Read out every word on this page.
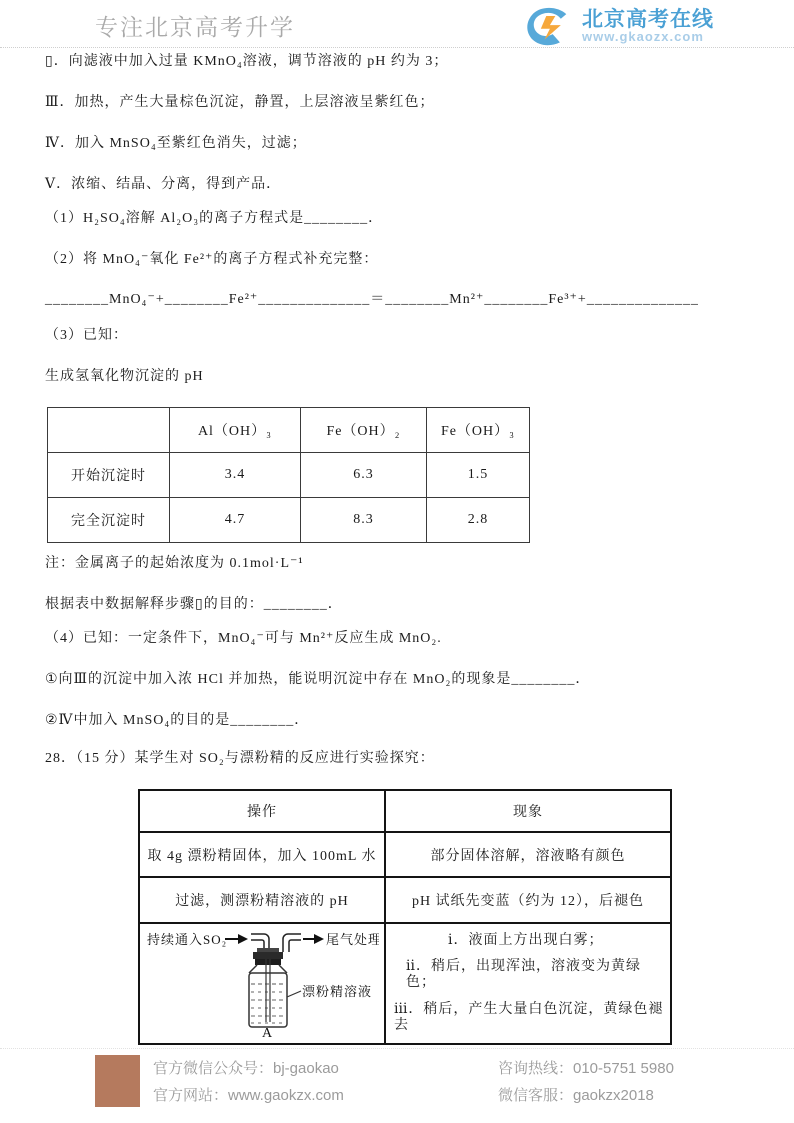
专注北京高考升学	北京高考在线
www.gkaozx.com
▯．向滤液中加入过量 KMnO₄溶液，调节溶液的 pH 约为 3；
Ⅲ．加热，产生大量棕色沉淀，静置，上层溶液呈紫红色；
Ⅳ．加入 MnSO₄至紫红色消失，过滤；
Ⅴ．浓缩、结晶、分离，得到产品．
（1）H₂SO₄溶解 Al₂O₃的离子方程式是________．
（2）将 MnO₄⁻氧化 Fe²⁺的离子方程式补充完整：
________MnO₄⁻+________Fe²⁺______________＝________Mn²⁺________Fe³⁺+______________
（3）已知：
生成氢氧化物沉淀的 pH
	Al（OH）₃	Fe（OH）₂	Fe（OH）₃
开始沉淀时	3.4	6.3	1.5
完全沉淀时	4.7	8.3	2.8
注：金属离子的起始浓度为 0.1mol·L⁻¹
根据表中数据解释步骤▯的目的：________．
（4）已知：一定条件下，MnO₄⁻可与 Mn²⁺反应生成 MnO₂.
①向Ⅲ的沉淀中加入浓 HCl 并加热，能说明沉淀中存在 MnO₂的现象是________．
②Ⅳ中加入 MnSO₄的目的是________．
28．（15 分）某学生对 SO₂与漂粉精的反应进行实验探究：
操作	现象
取 4g 漂粉精固体，加入 100mL 水	部分固体溶解，溶液略有颜色
过滤，测漂粉精溶液的 pH	pH 试纸先变蓝（约为 12），后褪色

持续通入SO₂	尾气处理
漂粉精溶液
A

ⅰ．液面上方出现白雾；
ⅱ．稍后，出现浑浊，溶液变为黄绿色；
ⅲ．稍后，产生大量白色沉淀，黄绿色褪去
官方微信公众号：bj-gaokao
官方网站：www.gaokzx.com
咨询热线：010-5751 5980
微信客服：gaokzx2018
